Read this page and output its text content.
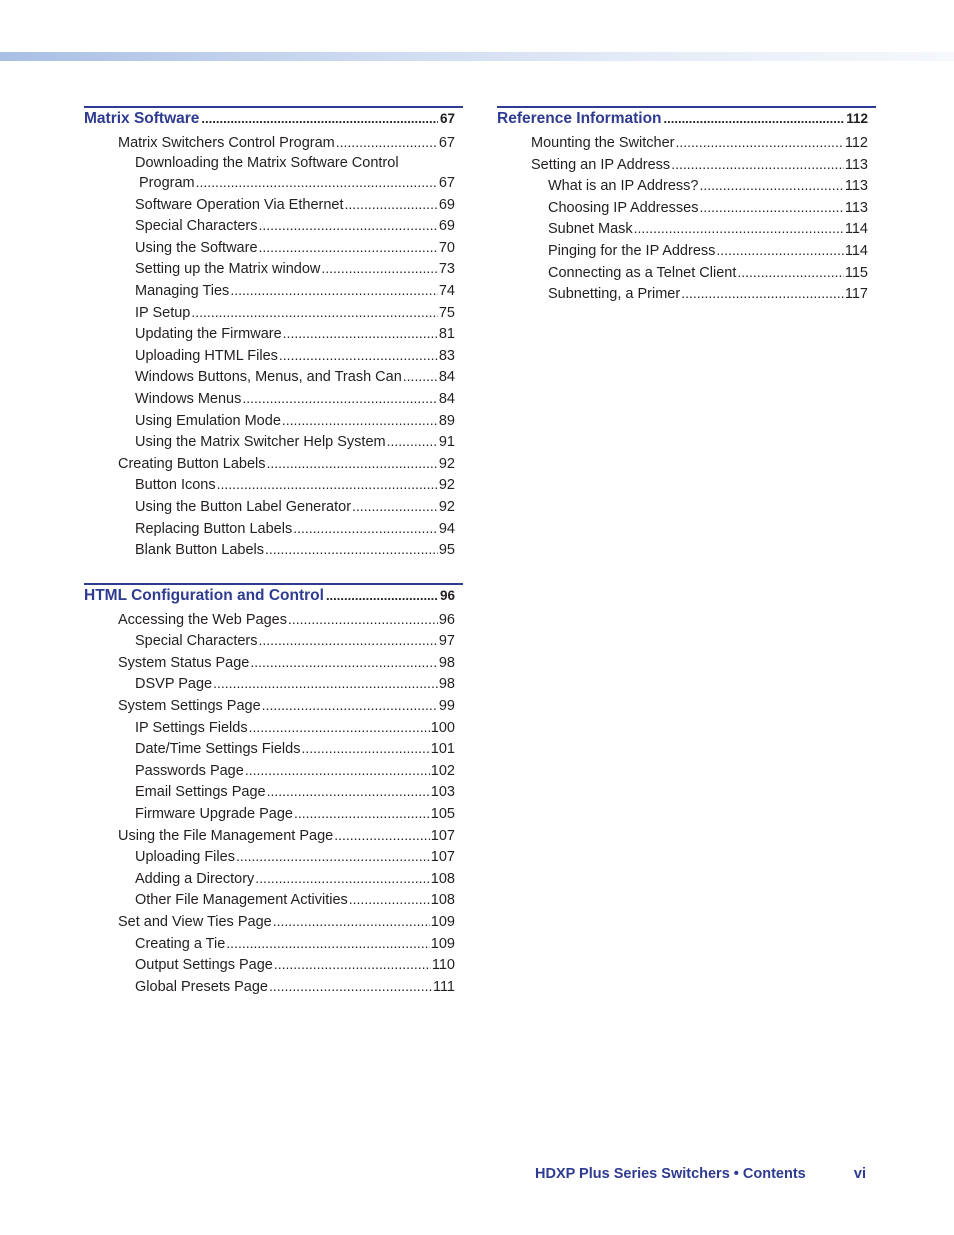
Matrix Software .....	67
Matrix Switchers Control Program .....	67
Downloading the Matrix Software Control
Program .....	67
Software Operation Via Ethernet .....	69
Special Characters .....	69
Using the Software .....	70
Setting up the Matrix window .....	73
Managing Ties .....	74
IP Setup .....	75
Updating the Firmware .....	81
Uploading HTML Files .....	83
Windows Buttons, Menus, and Trash Can .....	84
Windows Menus .....	84
Using Emulation Mode .....	89
Using the Matrix Switcher Help System .....	91
Creating Button Labels .....	92
Button Icons .....	92
Using the Button Label Generator .....	92
Replacing Button Labels .....	94
Blank Button Labels .....	95
HTML Configuration and Control .....	96
Accessing the Web Pages .....	96
Special Characters .....	97
System Status Page .....	98
DSVP Page .....	98
System Settings Page .....	99
IP Settings Fields .....	100
Date/Time Settings Fields .....	101
Passwords Page .....	102
Email Settings Page .....	103
Firmware Upgrade Page .....	105
Using the File Management Page .....	107
Uploading Files .....	107
Adding a Directory .....	108
Other File Management Activities .....	108
Set and View Ties Page .....	109
Creating a Tie .....	109
Output Settings Page .....	110
Global Presets Page .....	111
Reference Information .....	112
Mounting the Switcher .....	112
Setting an IP Address .....	113
What is an IP Address? .....	113
Choosing IP Addresses .....	113
Subnet Mask .....	114
Pinging for the IP Address .....	114
Connecting as a Telnet Client .....	115
Subnetting, a Primer .....	117
HDXP Plus Series Switchers • Contents	vi
